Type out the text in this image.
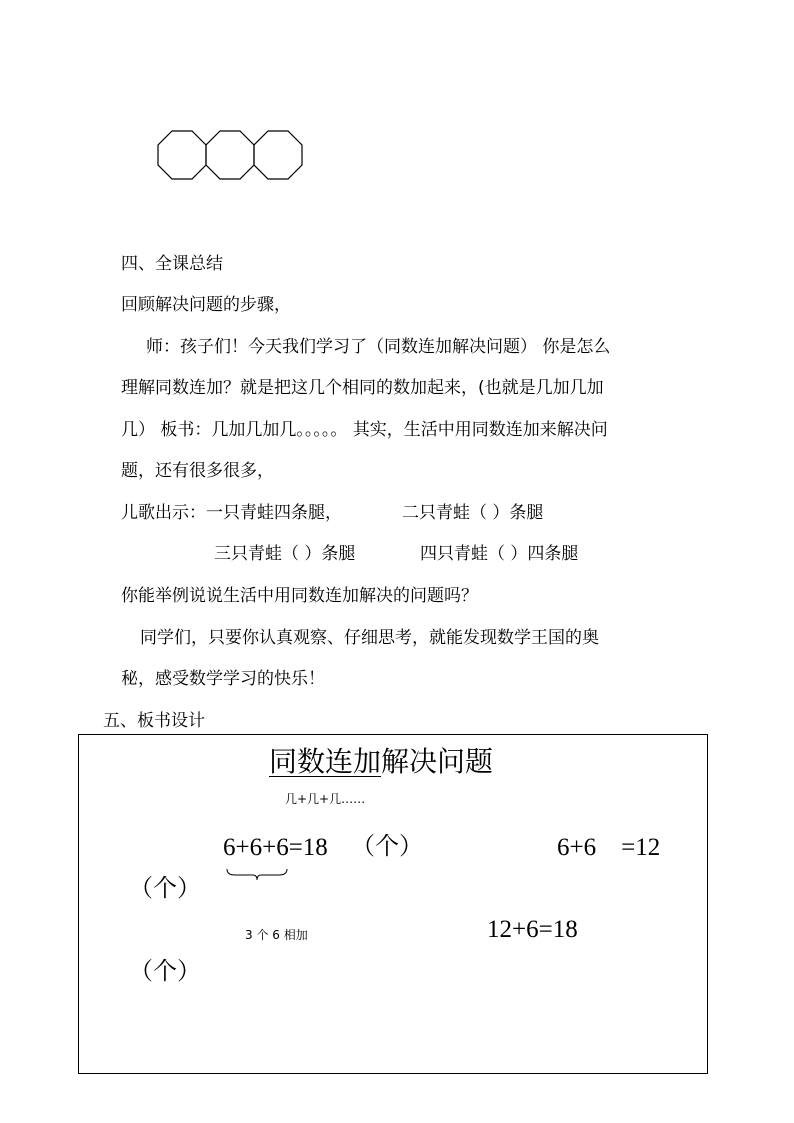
四、全课总结
回顾解决问题的步骤，
师：孩子们！今天我们学习了（同数连加解决问题） 你是怎么
理解同数连加？就是把这几个相同的数加起来，(也就是几加几加
几） 板书：几加几加几。。。。。 其实，生活中用同数连加来解决问
题，还有很多很多，
儿歌出示：一只青蛙四条腿，	二只青蛙（ ）条腿
三只青蛙（ ）条腿	四只青蛙（ ）四条腿
你能举例说说生活中用同数连加解决的问题吗？
同学们，只要你认真观察、仔细思考，就能发现数学王国的奥
秘，感受数学学习的快乐！
五、板书设计
同数连加解决问题
几+几+几……
6+6+6=18 （个）	6+6    =12
（个）
3 个 6 相加	12+6=18
（个）
